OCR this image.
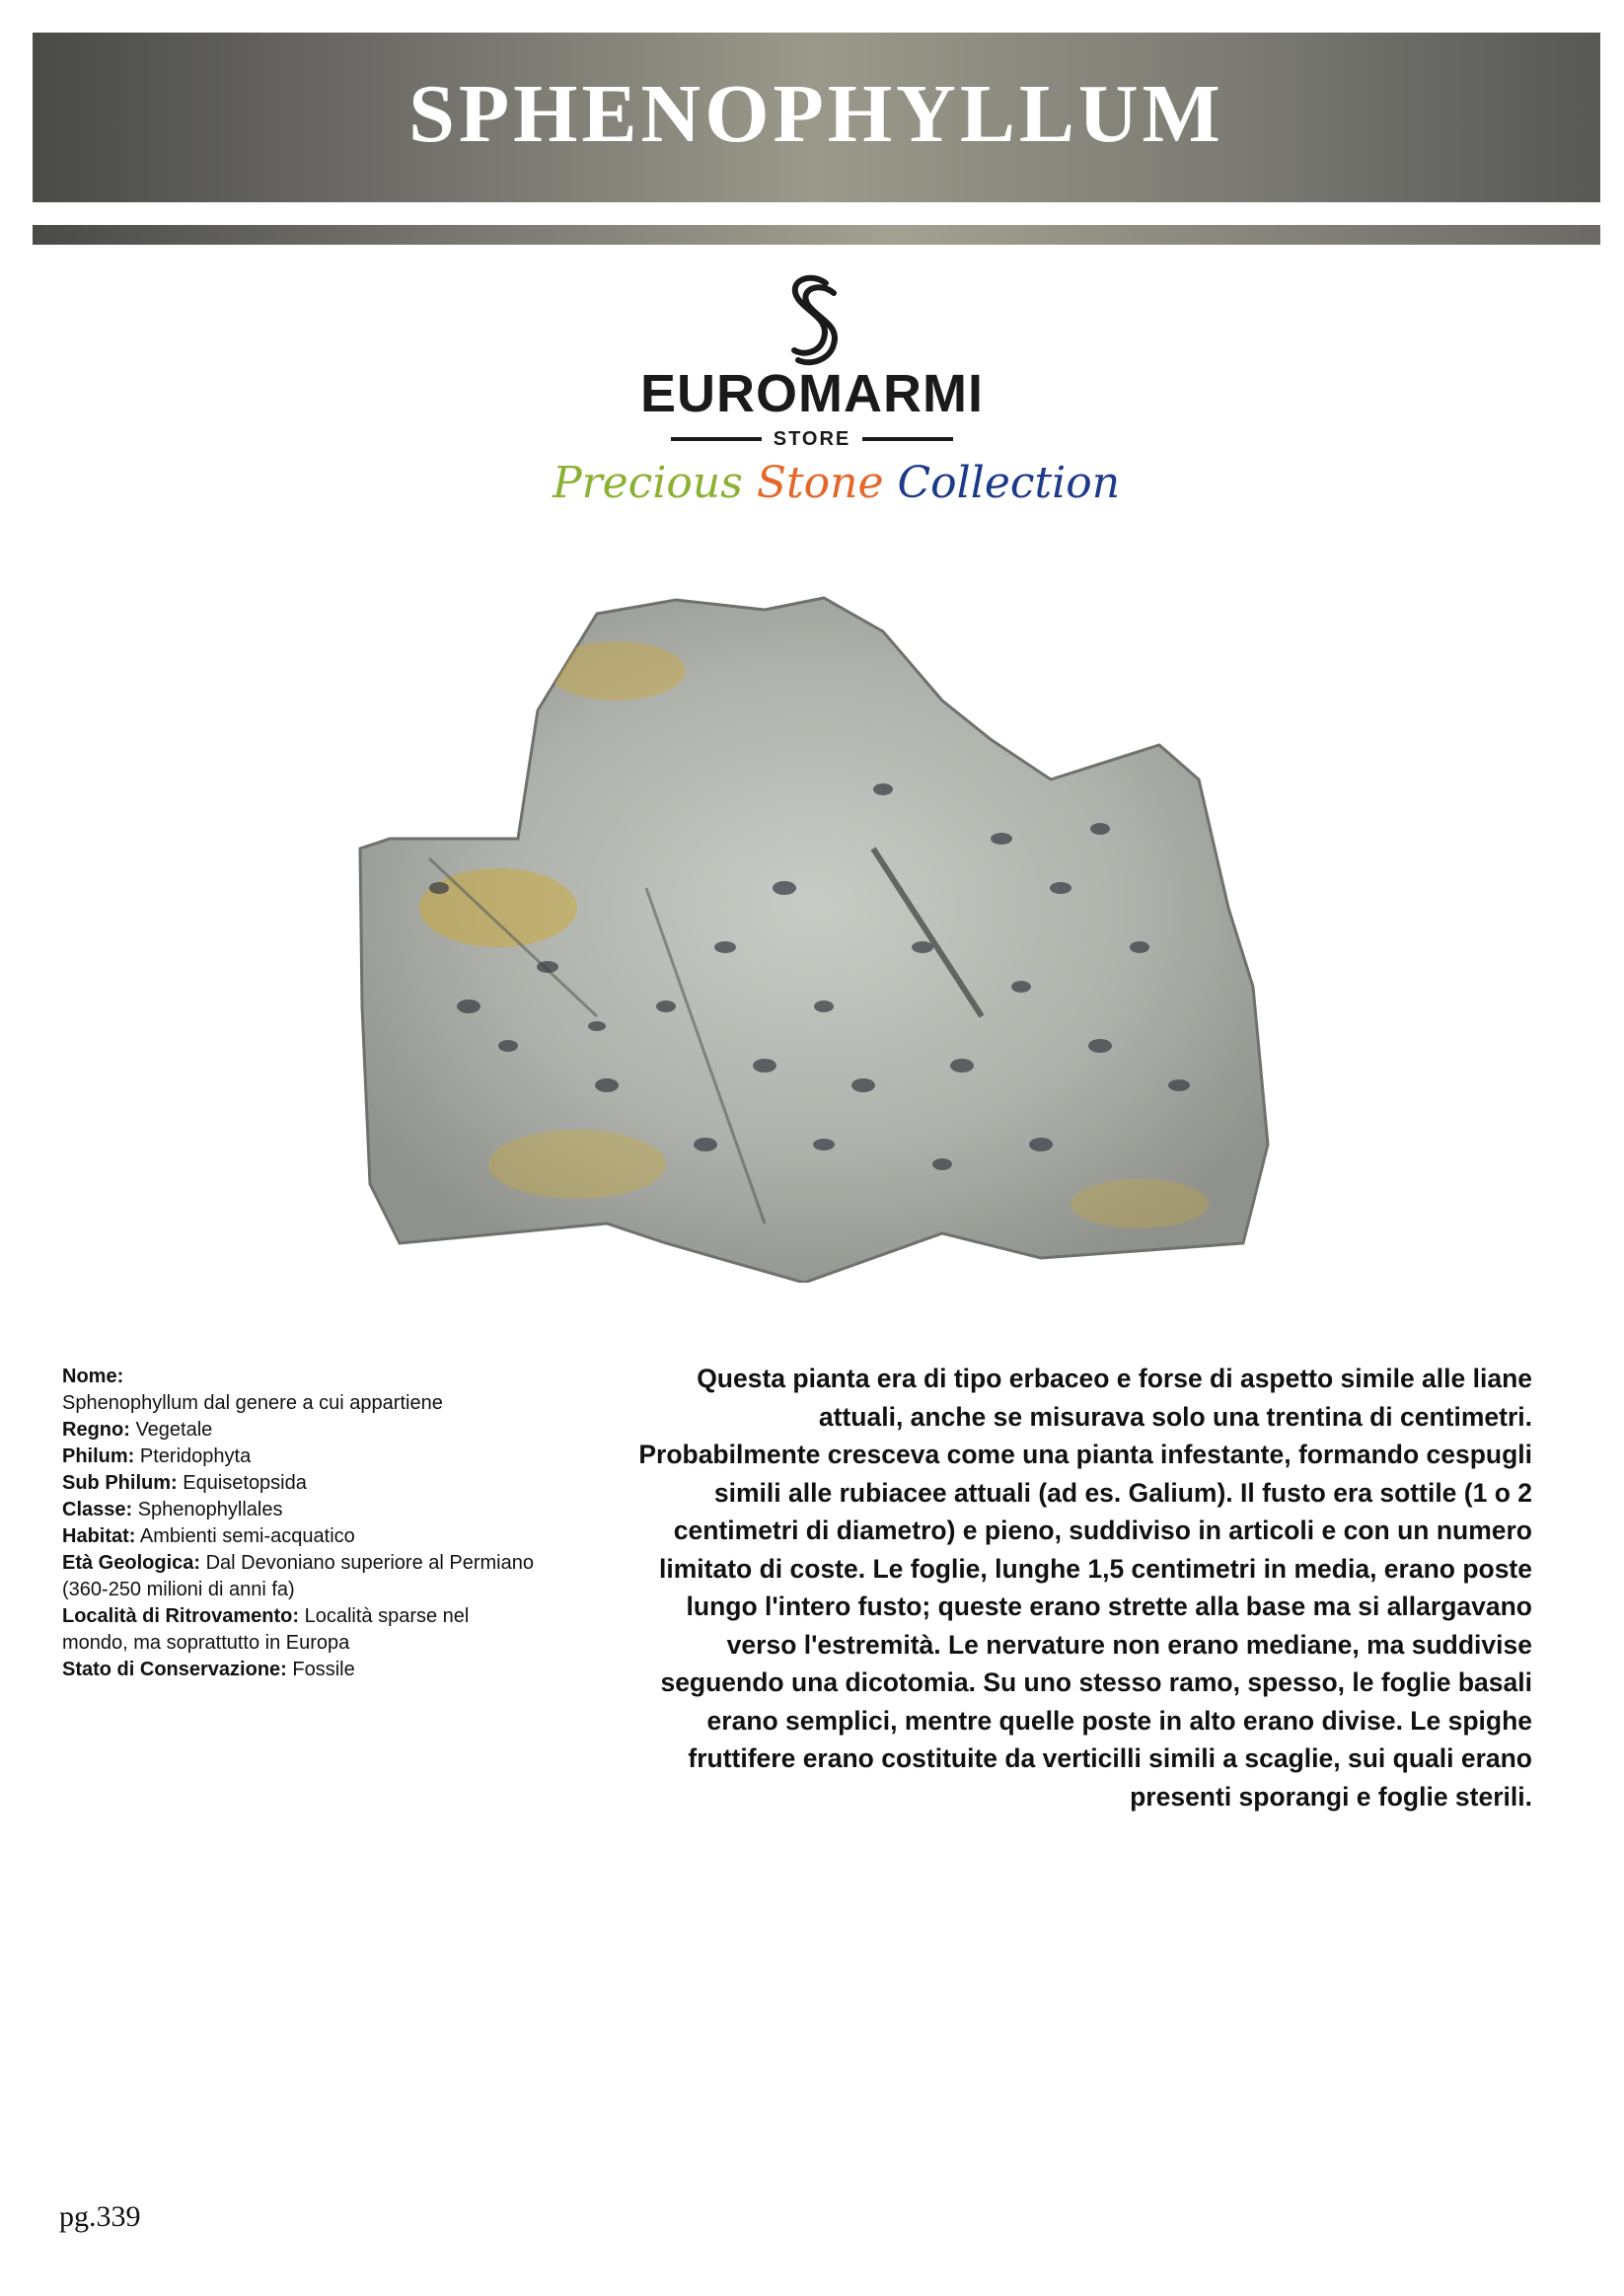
SPHENOPHYLLUM
EUROMARMI
STORE
Precious Stone Collection
Nome:
Sphenophyllum dal genere a cui appartiene
Regno: Vegetale
Philum: Pteridophyta
Sub Philum: Equisetopsida
Classe: Sphenophyllales
Habitat: Ambienti semi-acquatico
Età Geologica: Dal Devoniano superiore al Permiano
(360-250 milioni di anni fa)
Località di Ritrovamento: Località sparse nel
mondo, ma soprattutto in Europa
Stato di Conservazione: Fossile
Questa pianta era di tipo erbaceo e forse di aspetto simile alle liane
attuali, anche se misurava solo una trentina di centimetri.
Probabilmente cresceva come una pianta infestante, formando cespugli
simili alle rubiacee attuali (ad es. Galium). Il fusto era sottile (1 o 2
centimetri di diametro) e pieno, suddiviso in articoli e con un numero
limitato di coste. Le foglie, lunghe 1,5 centimetri in media, erano poste
lungo l'intero fusto; queste erano strette alla base ma si allargavano
verso l'estremità. Le nervature non erano mediane, ma suddivise
seguendo una dicotomia. Su uno stesso ramo, spesso, le foglie basali
erano semplici, mentre quelle poste in alto erano divise. Le spighe
fruttifere erano costituite da verticilli simili a scaglie, sui quali erano
presenti sporangi e foglie sterili.
pg.339
